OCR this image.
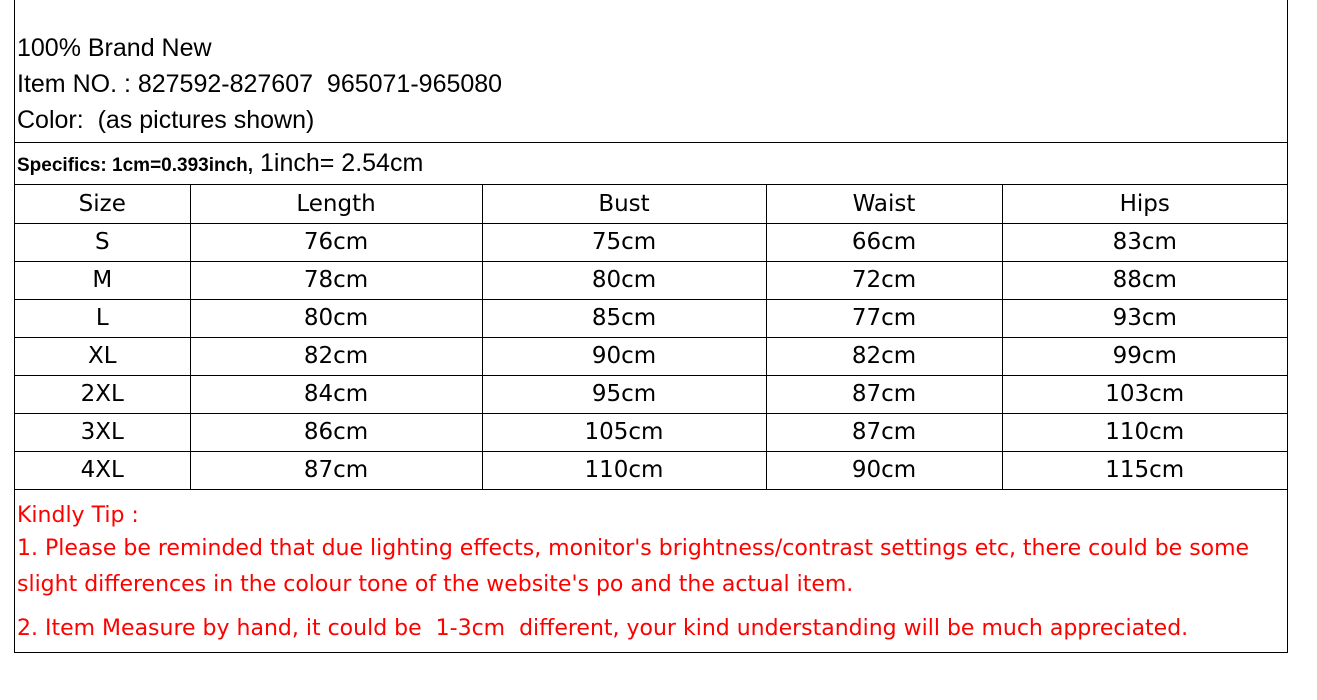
100% Brand New
Item NO. : 827592-827607  965071-965080
Color:  (as pictures shown)
Specifics: 1cm=0.393inch, 1inch= 2.54cm
Size	Length	Bust	Waist	Hips
S	76cm	75cm	66cm	83cm
M	78cm	80cm	72cm	88cm
L	80cm	85cm	77cm	93cm
XL	82cm	90cm	82cm	99cm
2XL	84cm	95cm	87cm	103cm
3XL	86cm	105cm	87cm	110cm
4XL	87cm	110cm	90cm	115cm
Kindly Tip :
1. Please be reminded that due lighting effects, monitor's brightness/contrast settings etc, there could be some slight differences in the colour tone of the website's po and the actual item.
2. Item Measure by hand, it could be  1-3cm  different, your kind understanding will be much appreciated.
